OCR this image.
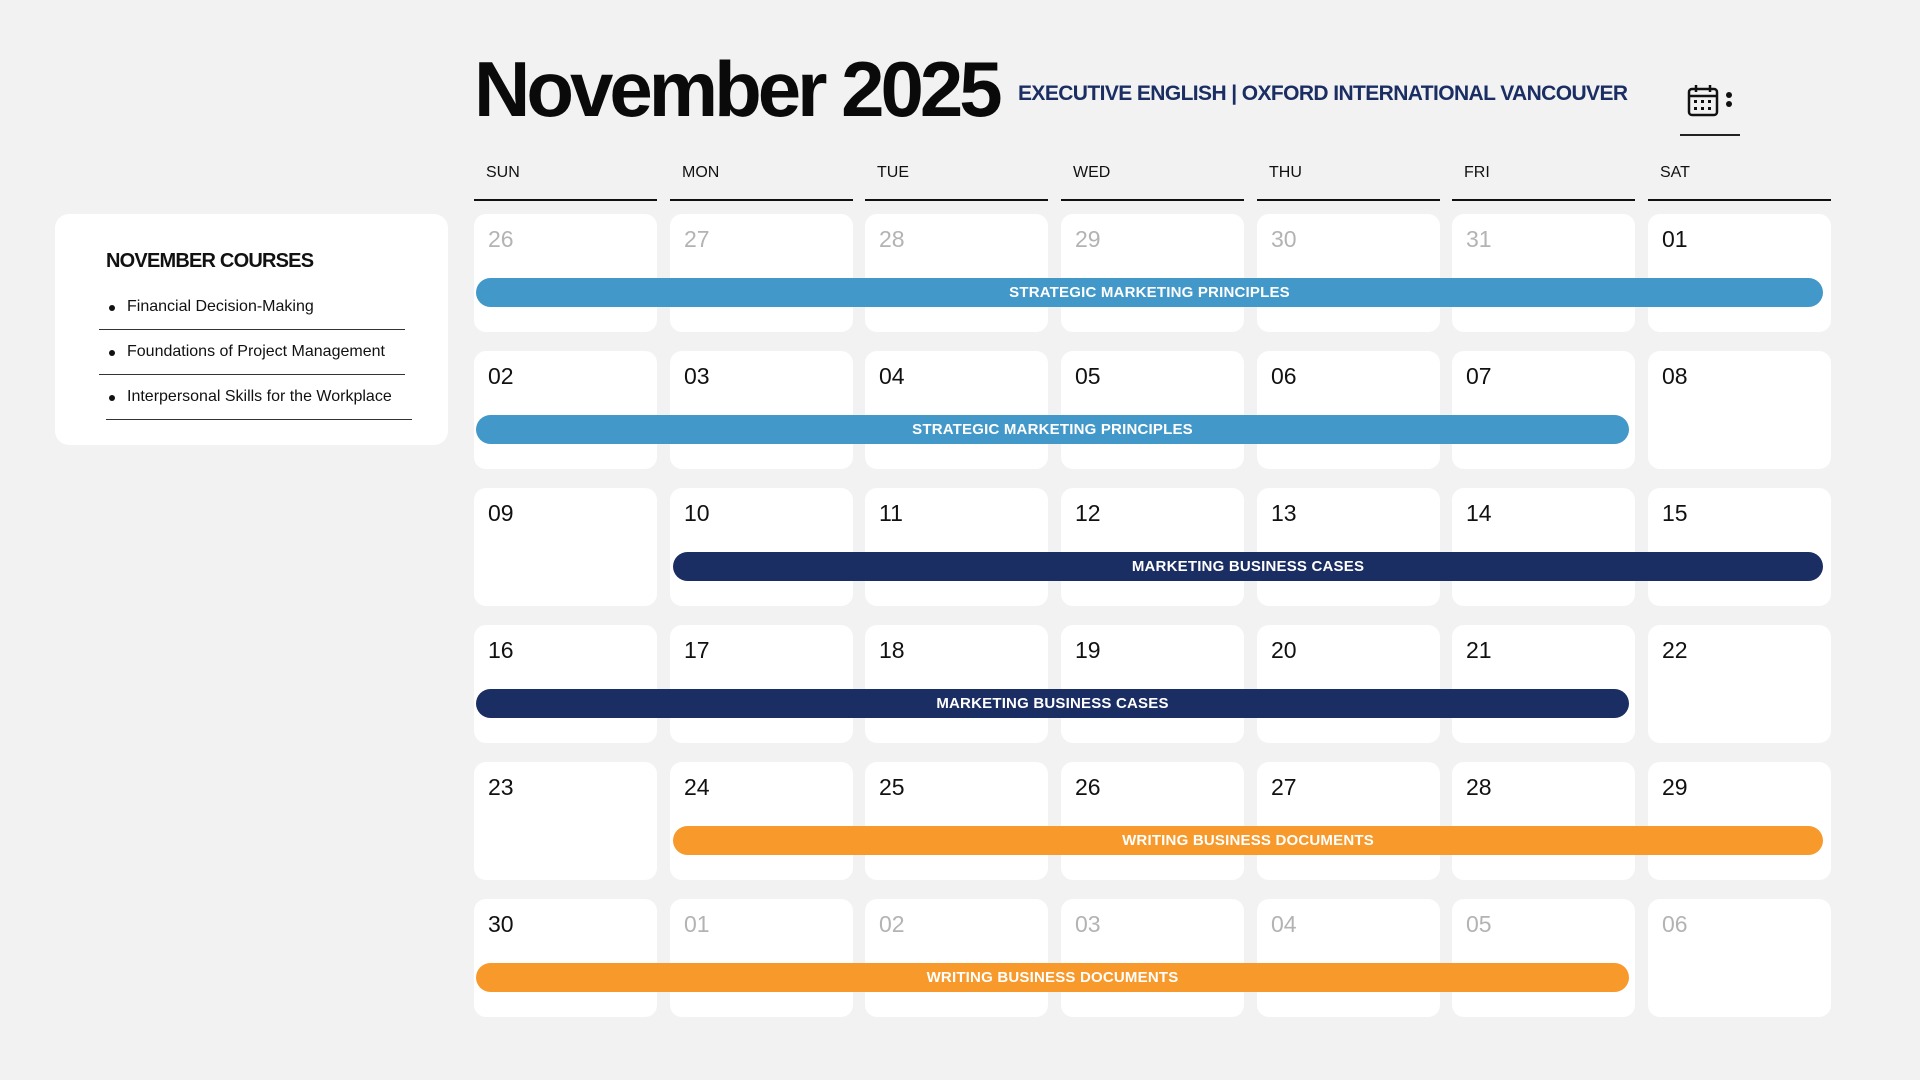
November 2025 EXECUTIVE ENGLISH | OXFORD INTERNATIONAL VANCOUVER
SUN	MON	TUE	WED	THU	FRI	SAT
26	27	28	29	30	31	01
02	03	04	05	06	07	08
09	10	11	12	13	14	15
16	17	18	19	20	21	22
23	24	25	26	27	28	29
30	01	02	03	04	05	06
STRATEGIC MARKETING PRINCIPLES
STRATEGIC MARKETING PRINCIPLES
MARKETING BUSINESS CASES
MARKETING BUSINESS CASES
WRITING BUSINESS DOCUMENTS
WRITING BUSINESS DOCUMENTS
NOVEMBER COURSES
Financial Decision-Making
Foundations of Project Management
Interpersonal Skills for the Workplace
